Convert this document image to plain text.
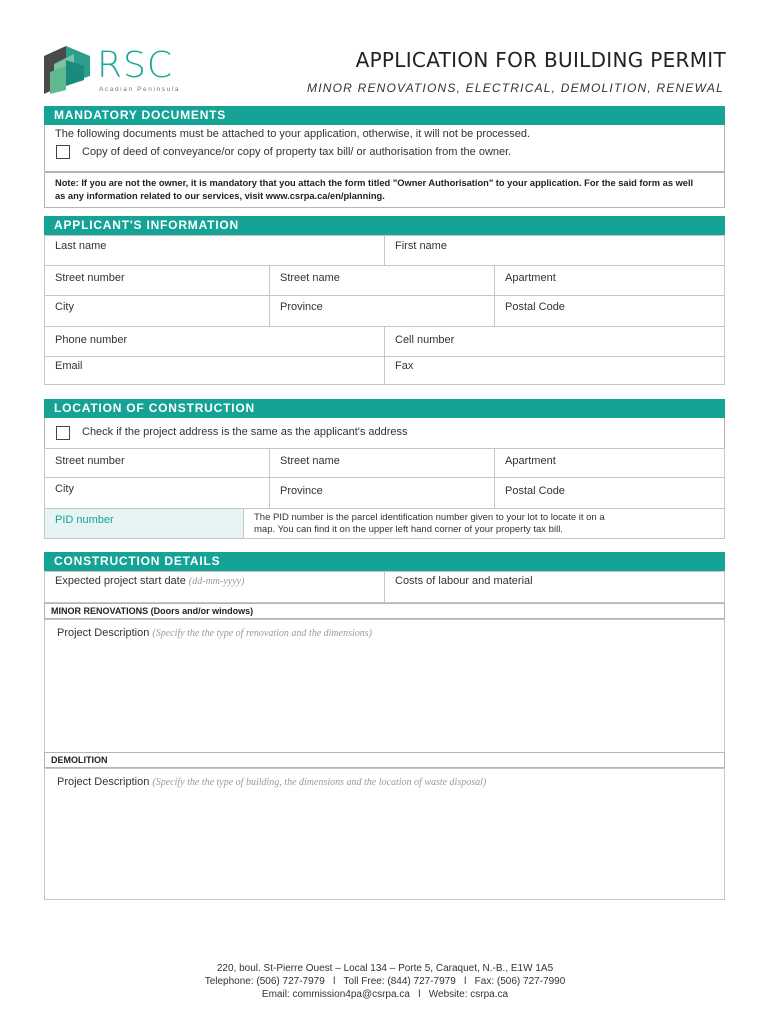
RSC
Acadian Peninsula
APPLICATION FOR BUILDING PERMIT
MINOR RENOVATIONS, ELECTRICAL, DEMOLITION, RENEWAL
MANDATORY DOCUMENTS
The following documents must be attached to your application, otherwise, it will not be processed.
Copy of deed of conveyance/or copy of property tax bill/ or authorisation from the owner.
Note: If you are not the owner, it is mandatory that you attach the form titled "Owner Authorisation" to your application. For the said form as well
as any information related to our services, visit www.csrpa.ca/en/planning.
APPLICANT'S INFORMATION
Last name	First name
Street number	Street name	Apartment
City	Province	Postal Code
Phone number	Cell number
Email	Fax
LOCATION OF CONSTRUCTION
Check if the project address is the same as the applicant's address
Street number	Street name	Apartment
City	Province	Postal Code
PID number	The PID number is the parcel identification number given to your lot to locate it on a
map. You can find it on the upper left hand corner of your property tax bill.
CONSTRUCTION DETAILS
Expected project start date (dd-mm-yyyy)	Costs of labour and material
MINOR RENOVATIONS (Doors and/or windows)
Project Description (Specify the the type of renovation and the dimensions)
DEMOLITION
Project Description (Specify the the type of building, the dimensions and the location of waste disposal)
220, boul. St-Pierre Ouest – Local 134 – Porte 5, Caraquet, N.-B., E1W 1A5
Telephone: (506) 727-7979   l   Toll Free: (844) 727-7979   l   Fax: (506) 727-7990
Email: commission4pa@csrpa.ca   l   Website: csrpa.ca
